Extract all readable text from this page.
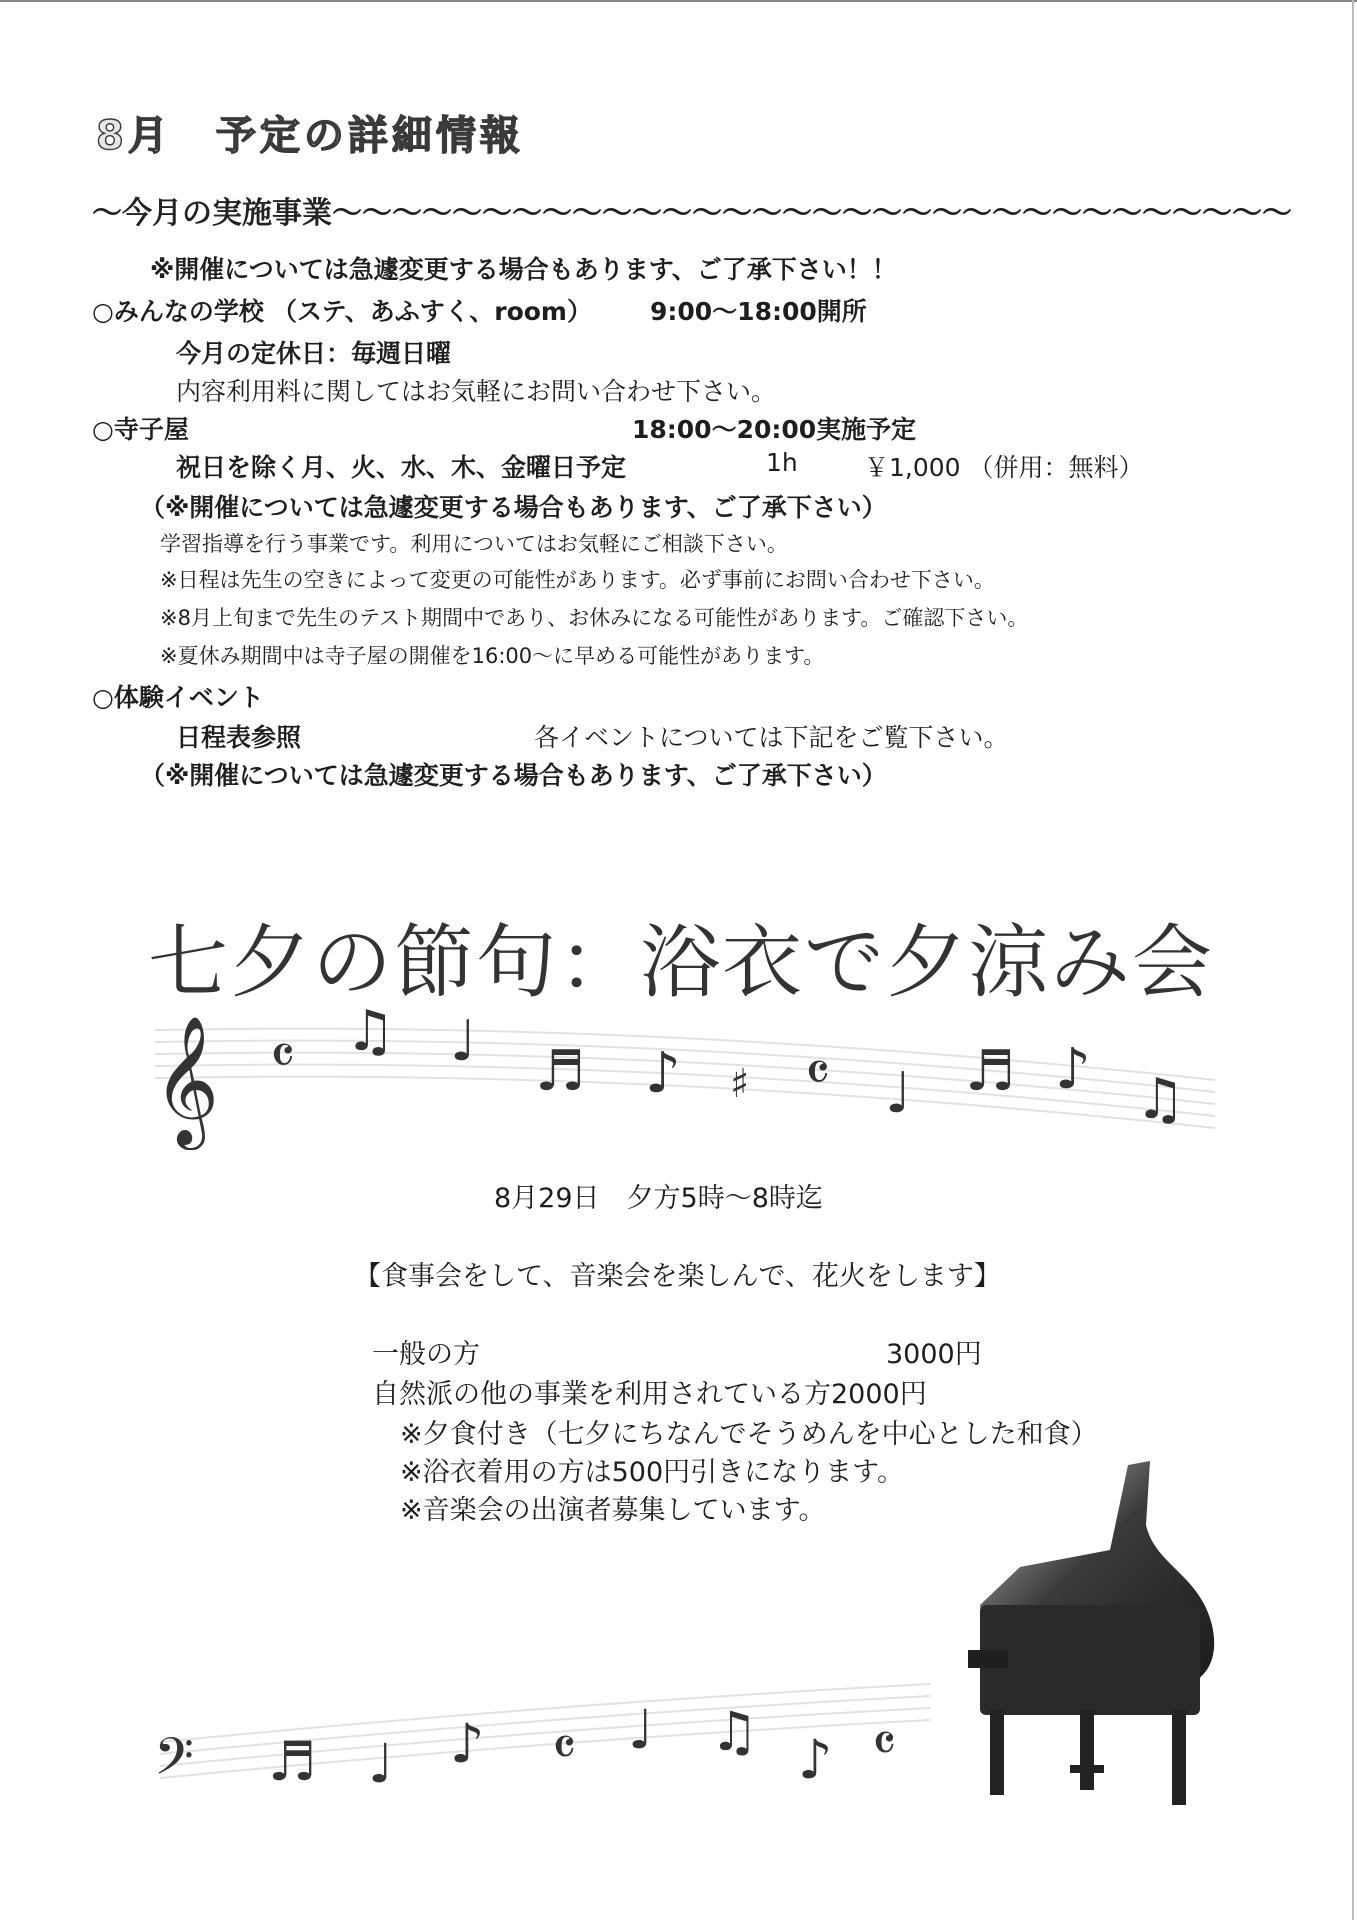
8月　予定の詳細情報
～今月の実施事業～～～～～～～～～～～～～～～～～～～～～～～～～～～～～～～～
※開催については急遽変更する場合もあります、ご了承下さい！！
○みんなの学校 （ステ、あふすく、room） 9:00～18:00開所
今月の定休日：毎週日曜
内容利用料に関してはお気軽にお問い合わせ下さい。
○寺子屋	18:00～20:00実施予定
祝日を除く月、火、水、木、金曜日予定	1h	￥1,000 （併用：無料）
（※開催については急遽変更する場合もあります、ご了承下さい）
学習指導を行う事業です。利用についてはお気軽にご相談下さい。
※日程は先生の空きによって変更の可能性があります。必ず事前にお問い合わせ下さい。
※8月上旬まで先生のテスト期間中であり、お休みになる可能性があります。ご確認下さい。
※夏休み期間中は寺子屋の開催を16:00～に早める可能性があります。
○体験イベント
日程表参照	各イベントについては下記をご覧下さい。
（※開催については急遽変更する場合もあります、ご了承下さい）
七夕の節句：浴衣で夕涼み会
𝄞 𝄴 ♫ ♩ ♬ ♪ ♯ 𝄴 ♩ ♬ ♪ ♫
8月29日　夕方5時～8時迄
【食事会をして、音楽会を楽しんで、花火をします】
一般の方	3000円
自然派の他の事業を利用されている方2000円
※夕食付き（七夕にちなんでそうめんを中心とした和食）
※浴衣着用の方は500円引きになります。
※音楽会の出演者募集しています。
𝄢 ♬ ♩ ♪ 𝄴 ♩ ♫ ♪ 𝄴
